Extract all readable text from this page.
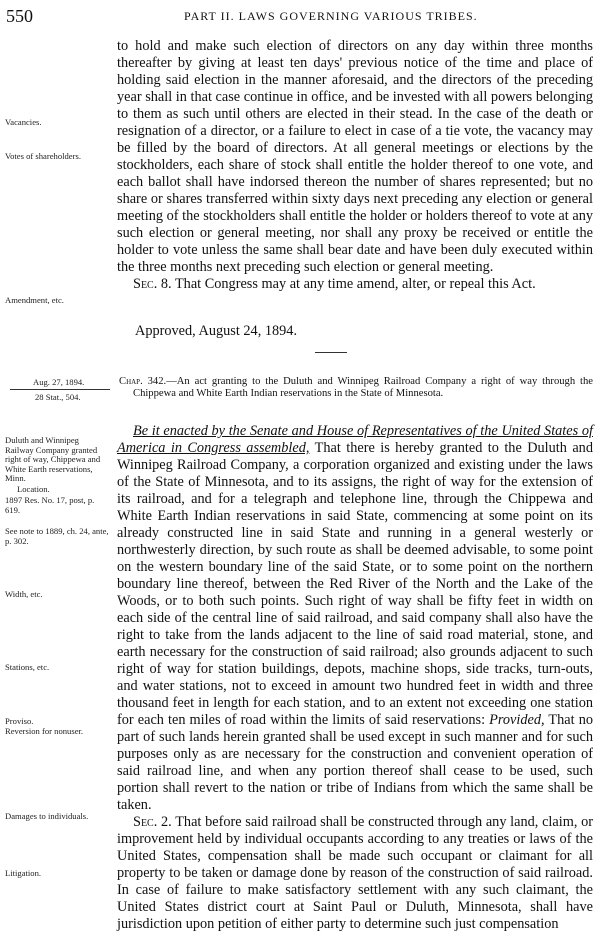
550	PART II. LAWS GOVERNING VARIOUS TRIBES.

to hold and make such election of directors on any day within three months thereafter by giving at least ten days' previous notice of the time and place of holding said election in the manner aforesaid, and the directors of the preceding year shall in that case continue in office, and be invested with all powers belonging to them as such until others are elected in their stead. In the case of the death or resignation of a director, or a failure to elect in case of a tie vote, the vacancy may be filled by the board of directors. At all general meetings or elections by the stockholders, each share of stock shall entitle the holder thereof to one vote, and each ballot shall have indorsed thereon the number of shares represented; but no share or shares transferred within sixty days next preceding any election or general meeting of the stockholders shall entitle the holder or holders thereof to vote at any such election or general meeting, nor shall any proxy be received or entitle the holder to vote unless the same shall bear date and have been duly executed within the three months next preceding such election or general meeting.

Sec. 8. That Congress may at any time amend, alter, or repeal this Act.

Approved, August 24, 1894.
Vacancies.
Votes of shareholders.
Amendment, etc.
Aug. 27, 1894.
28 Stat., 504.
Chap. 342.—An act granting to the Duluth and Winnipeg Railroad Company a right of way through the Chippewa and White Earth Indian reservations in the State of Minnesota.

Be it enacted by the Senate and House of Representatives of the United States of America in Congress assembled, That there is hereby granted to the Duluth and Winnipeg Railroad Company, a corporation organized and existing under the laws of the State of Minnesota, and to its assigns, the right of way for the extension of its railroad, and for a telegraph and telephone line, through the Chippewa and White Earth Indian reservations in said State, commencing at some point on its already constructed line in said State and running in a general westerly or northwesterly direction, by such route as shall be deemed advisable, to some point on the western boundary line of the said State, or to some point on the northern boundary line thereof, between the Red River of the North and the Lake of the Woods, or to both such points. Such right of way shall be fifty feet in width on each side of the central line of said railroad, and said company shall also have the right to take from the lands adjacent to the line of said road material, stone, and earth necessary for the construction of said railroad; also grounds adjacent to such right of way for station buildings, depots, machine shops, side tracks, turn-outs, and water stations, not to exceed in amount two hundred feet in width and three thousand feet in length for each station, and to an extent not exceeding one station for each ten miles of road within the limits of said reservations: Provided, That no part of such lands herein granted shall be used except in such manner and for such purposes only as are necessary for the construction and convenient operation of said railroad line, and when any portion thereof shall cease to be used, such portion shall revert to the nation or tribe of Indians from which the same shall be taken.

Sec. 2. That before said railroad shall be constructed through any land, claim, or improvement held by individual occupants according to any treaties or laws of the United States, compensation shall be made such occupant or claimant for all property to be taken or damage done by reason of the construction of said railroad. In case of failure to make satisfactory settlement with any such claimant, the United States district court at Saint Paul or Duluth, Minnesota, shall have jurisdiction upon petition of either party to determine such just compensation

Duluth and Winnipeg Railway Company granted right of way, Chippewa and White Earth reservations, Minn.
Location.
1897 Res. No. 17, post, p. 619.
See note to 1889, ch. 24, ante, p. 302.
Width, etc.
Stations, etc.
Proviso.
Reversion for nonuser.
Damages to individuals.
Litigation.
